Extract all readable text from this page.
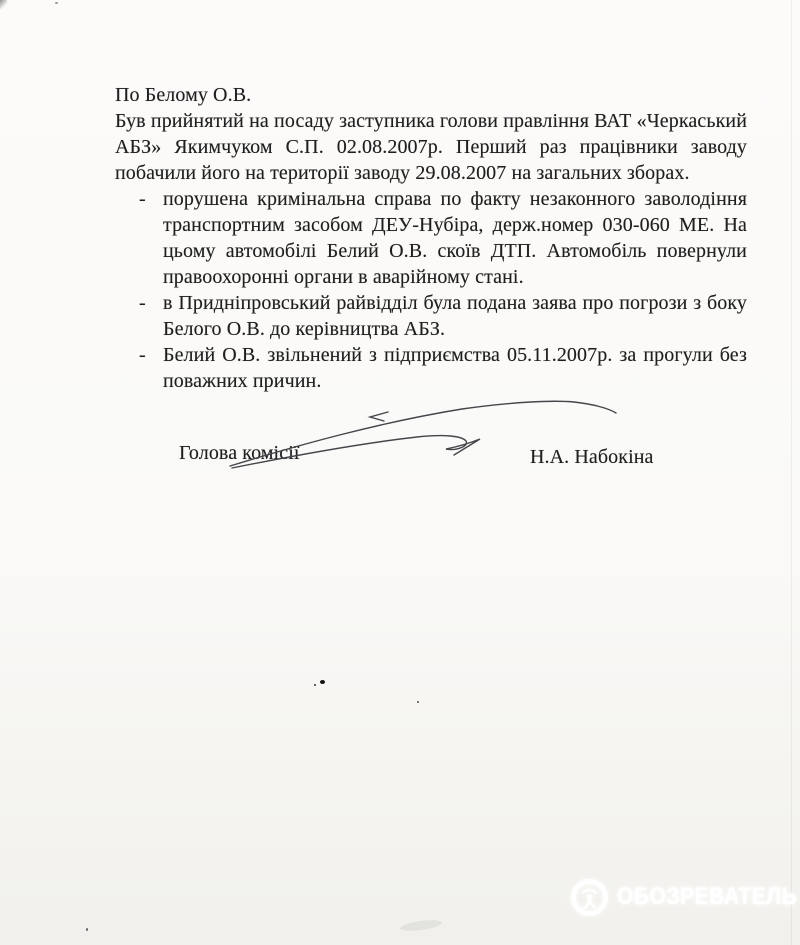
По Белому О.В.

Був прийнятий на посаду заступника голови правління ВАТ «Черкаський АБЗ» Якимчуком С.П. 02.08.2007р. Перший раз працівники заводу побачили його на території заводу 29.08.2007 на загальних зборах.

- порушена кримінальна справа по факту незаконного заволодіння транспортним засобом ДЕУ-Нубіра, держ.номер 030-060 МЕ. На цьому автомобілі Белий О.В. скоїв ДТП. Автомобіль повернули правоохоронні органи в аварійному стані.
- в Придніпровський райвідділ була подана заява про погрози з боку Белого О.В. до керівництва АБЗ.
- Белий О.В. звільнений з підприємства 05.11.2007р. за прогули без поважних причин.
Голова комісії	Н.А. Набокіна
ОБОЗРЕВАТЕЛЬ
